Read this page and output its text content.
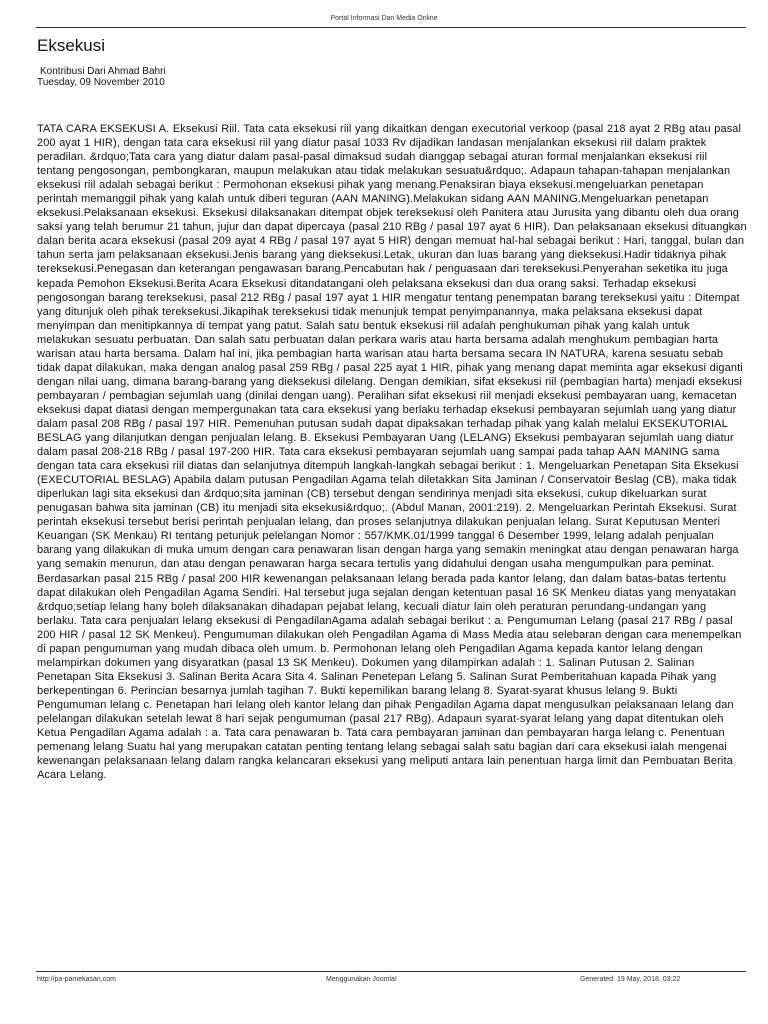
Portal Informasi Dan Media Online
Eksekusi
Kontribusi Dari Ahmad Bahri
Tuesday, 09 November 2010

TATA CARA EKSEKUSI A. Eksekusi Riil. Tata cata eksekusi riil yang dikaitkan dengan executorial verkoop (pasal 218 ayat 2 RBg atau pasal 200 ayat 1 HIR), dengan tata cara eksekusi riil yang diatur pasal 1033 Rv dijadikan landasan menjalankan eksekusi riil dalam praktek peradilan. &rdquo;Tata cara yang diatur dalam pasal-pasal dimaksud sudah dianggap sebagai aturan formal menjalankan eksekusi riil tentang pengosongan, pembongkaran, maupun melakukan atau tidak melakukan sesuatu&rdquo;. Adapaun tahapan-tahapan menjalankan eksekusi riil adalah sebagai berikut : Permohonan eksekusi pihak yang menang.Penaksiran biaya eksekusi.mengeluarkan penetapan perintah memanggil pihak yang kalah untuk diberi teguran (AAN MANING).Melakukan sidang AAN MANING.Mengeluarkan penetapan eksekusi.Pelaksanaan eksekusi. Eksekusi dilaksanakan ditempat objek tereksekusi oleh Panitera atau Jurusita yang dibantu oleh dua orang saksi yang telah berumur 21 tahun, jujur dan dapat dipercaya (pasal 210 RBg / pasal 197 ayat 6 HIR). Dan pelaksanaan eksekusi dituangkan dalan berita acara eksekusi (pasal 209 ayat 4 RBg / pasal 197 ayat 5 HIR) dengan memuat hal-hal sebagai berikut : Hari, tanggal, bulan dan tahun serta jam pelaksanaan eksekusi.Jenis barang yang dieksekusi.Letak, ukuran dan luas barang yang dieksekusi.Hadir tidaknya pihak tereksekusi.Penegasan dan keterangan pengawasan barang.Pencabutan hak / penguasaan dari tereksekusi.Penyerahan seketika itu juga kepada Pemohon Eksekusi.Berita Acara Eksekusi ditandatangani oleh pelaksana eksekusi dan dua orang saksi. Terhadap eksekusi pengosongan barang tereksekusi, pasal 212 RBg / pasal 197 ayat 1 HIR mengatur tentang penempatan barang tereksekusi yaitu : Ditempat yang ditunjuk oleh pihak tereksekusi.Jikapihak tereksekusi tidak menunjuk tempat penyimpanannya, maka pelaksana eksekusi dapat menyimpan dan menitipkannya di tempat yang patut. Salah satu bentuk eksekusi riil adalah penghukuman pihak yang kalah untuk melakukan sesuatu perbuatan. Dan salah satu perbuatan dalan perkara waris atau harta bersama adalah menghukum pembagian harta warisan atau harta bersama. Dalam hal ini, jika pembagian harta warisan atau harta bersama secara IN NATURA, karena sesuatu sebab tidak dapat dilakukan, maka dengan analog pasal 259 RBg / pasal 225 ayat 1 HIR, pihak yang menang dapat meminta agar eksekusi diganti dengan nilai uang, dimana barang-barang yang dieksekusi dilelang. Dengan demikian, sifat eksekusi riil (pembagian harta) menjadi eksekusi pembayaran / pembagian sejumlah uang (dinilai dengan uang). Peralihan sifat eksekusi riil menjadi eksekusi pembayaran uang, kemacetan eksekusi dapat diatasi dengan mempergunakan tata cara eksekusi yang berlaku terhadap eksekusi pembayaran sejumlah uang yang diatur dalam pasal 208 RBg / pasal 197 HIR. Pemenuhan putusan sudah dapat dipaksakan terhadap pihak yang kalah melalui EKSEKUTORIAL BESLAG yang dilanjutkan dengan penjualan lelang. B. Eksekusi Pembayaran Uang (LELANG) Eksekusi pembayaran sejumlah uang diatur dalam pasal 208-218 RBg / pasal 197-200 HIR. Tata cara eksekusi pembayaran sejumlah uang sampai pada tahap AAN MANING sama dengan tata cara eksekusi riil diatas dan selanjutnya ditempuh langkah-langkah sebagai berikut : 1. Mengeluarkan Penetapan Sita Eksekusi (EXECUTORIAL BESLAG) Apabila dalam putusan Pengadilan Agama telah diletakkan Sita Jaminan / Conservatoir Beslag (CB), maka tidak diperlukan lagi sita eksekusi dan &rdquo;sita jaminan (CB) tersebut dengan sendirinya menjadi sita eksekusi, cukup dikeluarkan surat penugasan bahwa sita jaminan (CB) itu menjadi sita eksekusi&rdquo;. (Abdul Manan, 2001:219). 2. Mengeluarkan Perintah Eksekusi. Surat perintah eksekusi tersebut berisi perintah penjualan lelang, dan proses selanjutnya dilakukan penjualan lelang. Surat Keputusan Menteri Keuangan (SK Menkau) RI tentang petunjuk pelelangan Nomor : 557/KMK.01/1999 tanggal 6 Desember 1999, lelang adalah penjualan barang yang dilakukan di muka umum dengan cara penawaran lisan dengan harga yang semakin meningkat atau dengan penawaran harga yang semakin menurun, dan atau dengan penawaran harga secara tertulis yang didahului dengan usaha mengumpulkan para peminat. Berdasarkan pasal 215 RBg / pasal 200 HIR kewenangan pelaksanaan lelang berada pada kantor lelang, dan dalam batas-batas tertentu dapat dilakukan oleh Pengadilan Agama Sendiri. Hal tersebut juga sejalan dengan ketentuan pasal 16 SK Menkeu diatas yang menyatakan &rdquo;setiap lelang hany boleh dilaksanakan dihadapan pejabat lelang, kecuali diatur lain oleh peraturan perundang-undangan yang berlaku. Tata cara penjualan lelang eksekusi di PengadilanAgama adalah sebagai berikut : a. Pengumuman Lelang (pasal 217 RBg / pasal 200 HIR / pasal 12 SK Menkeu). Pengumuman dilakukan oleh Pengadilan Agama di Mass Media atau selebaran dengan cara menempelkan di papan pengumuman yang mudah dibaca oleh umum. b. Permohonan lelang oleh Pengadilan Agama kepada kantor lelang dengan melampirkan dokumen yang disyaratkan (pasal 13 SK Menkeu). Dokumen yang dilampirkan adalah : 1. Salinan Putusan 2. Salinan Penetapan Sita Eksekusi 3. Salinan Berita Acara Sita 4. Salinan Penetepan Lelang 5. Salinan Surat Pemberitahuan kapada Pihak yang berkepentingan 6. Perincian besarnya jumlah tagihan 7. Bukti kepemilikan barang lelang 8. Syarat-syarat khusus lelang 9. Bukti Pengumuman lelang c. Penetapan hari lelang oleh kantor lelang dan pihak Pengadilan Agama dapat mengusulkan pelaksanaan lelang dan pelelangan dilakukan setelah lewat 8 hari sejak pengumuman (pasal 217 RBg). Adapaun syarat-syarat lelang yang dapat ditentukan oleh Ketua Pengadilan Agama adalah : a. Tata cara penawaran b. Tata cara pembayaran jaminan dan pembayaran harga lelang c. Penentuan pemenang lelang Suatu hal yang merupakan catatan penting tentang lelang sebagai salah satu bagian dari cara eksekusi ialah mengenai kewenangan pelaksanaan lelang dalam rangka kelancaran eksekusi yang meliputi antara lain penentuan harga limit dan Pembuatan Berita Acara Lelang.

http://pa-pamekasan.com	Menggunakan Joomla!	Generated: 19 May, 2018, 03:22
